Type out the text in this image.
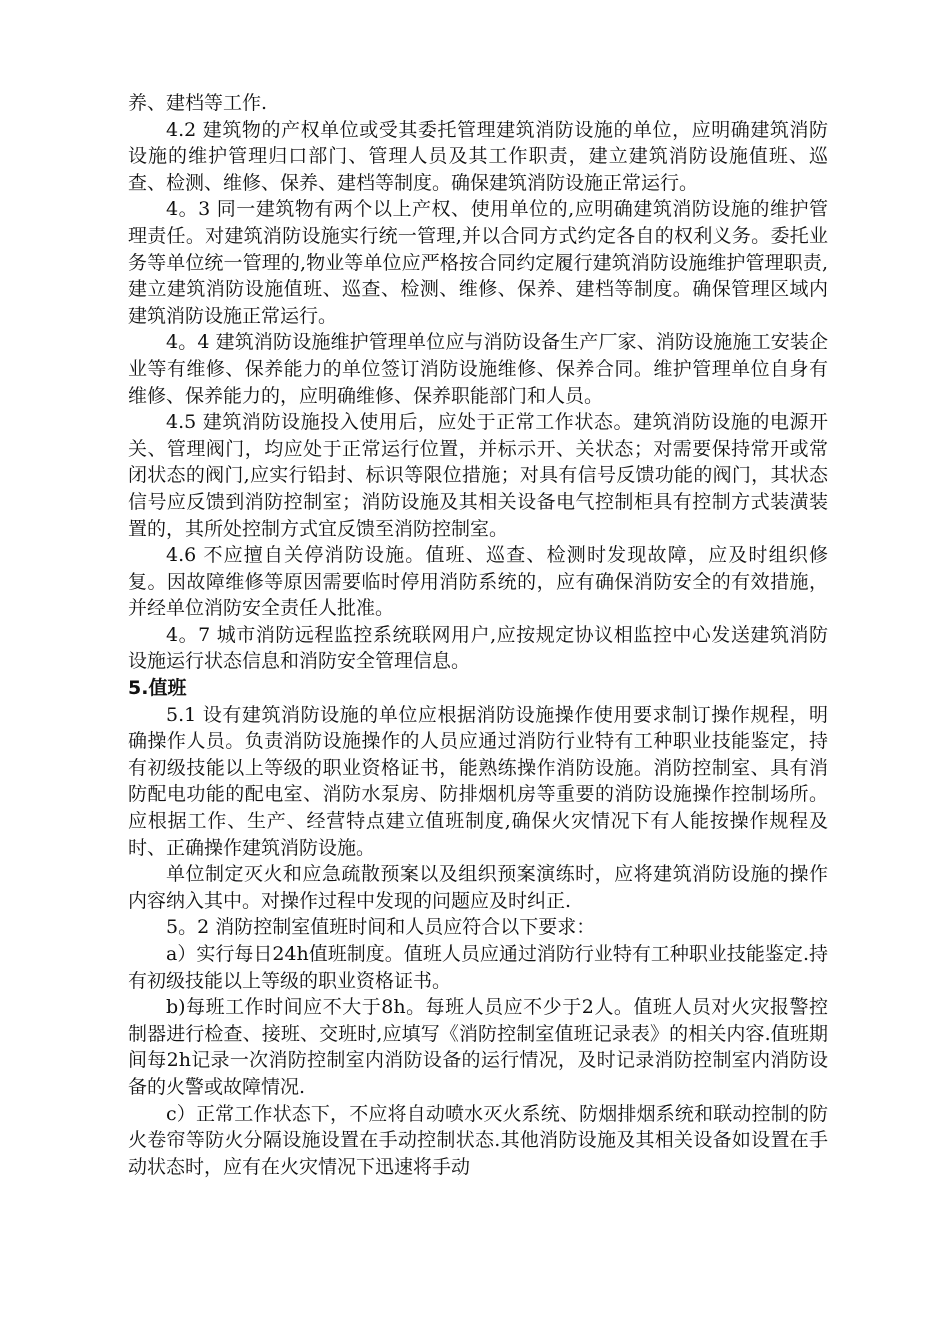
养、建档等工作.

4.2 建筑物的产权单位或受其委托管理建筑消防设施的单位，应明确建筑消防设施的维护管理归口部门、管理人员及其工作职责，建立建筑消防设施值班、巡查、检测、维修、保养、建档等制度。确保建筑消防设施正常运行。

4。3 同一建筑物有两个以上产权、使用单位的,应明确建筑消防设施的维护管理责任。对建筑消防设施实行统一管理,并以合同方式约定各自的权利义务。委托业务等单位统一管理的,物业等单位应严格按合同约定履行建筑消防设施维护管理职责,建立建筑消防设施值班、巡查、检测、维修、保养、建档等制度。确保管理区域内建筑消防设施正常运行。

4。4 建筑消防设施维护管理单位应与消防设备生产厂家、消防设施施工安装企业等有维修、保养能力的单位签订消防设施维修、保养合同。维护管理单位自身有维修、保养能力的，应明确维修、保养职能部门和人员。

4.5 建筑消防设施投入使用后，应处于正常工作状态。建筑消防设施的电源开关、管理阀门，均应处于正常运行位置，并标示开、关状态；对需要保持常开或常闭状态的阀门,应实行铅封、标识等限位措施；对具有信号反馈功能的阀门，其状态信号应反馈到消防控制室；消防设施及其相关设备电气控制柜具有控制方式装潢装置的，其所处控制方式宜反馈至消防控制室。

4.6 不应擅自关停消防设施。值班、巡查、检测时发现故障，应及时组织修复。因故障维修等原因需要临时停用消防系统的，应有确保消防安全的有效措施，并经单位消防安全责任人批准。

4。7 城市消防远程监控系统联网用户,应按规定协议相监控中心发送建筑消防设施运行状态信息和消防安全管理信息。

5.值班

5.1 设有建筑消防设施的单位应根据消防设施操作使用要求制订操作规程，明确操作人员。负责消防设施操作的人员应通过消防行业特有工种职业技能鉴定，持有初级技能以上等级的职业资格证书，能熟练操作消防设施。消防控制室、具有消防配电功能的配电室、消防水泵房、防排烟机房等重要的消防设施操作控制场所。应根据工作、生产、经营特点建立值班制度,确保火灾情况下有人能按操作规程及时、正确操作建筑消防设施。

单位制定灭火和应急疏散预案以及组织预案演练时，应将建筑消防设施的操作内容纳入其中。对操作过程中发现的问题应及时纠正.

5。2 消防控制室值班时间和人员应符合以下要求：

a）实行每日24h值班制度。值班人员应通过消防行业特有工种职业技能鉴定.持有初级技能以上等级的职业资格证书。

b)每班工作时间应不大于8h。每班人员应不少于2人。值班人员对火灾报警控制器进行检查、接班、交班时,应填写《消防控制室值班记录表》的相关内容.值班期间每2h记录一次消防控制室内消防设备的运行情况，及时记录消防控制室内消防设备的火警或故障情况.

c）正常工作状态下，不应将自动喷水灭火系统、防烟排烟系统和联动控制的防火卷帘等防火分隔设施设置在手动控制状态.其他消防设施及其相关设备如设置在手动状态时，应有在火灾情况下迅速将手动
